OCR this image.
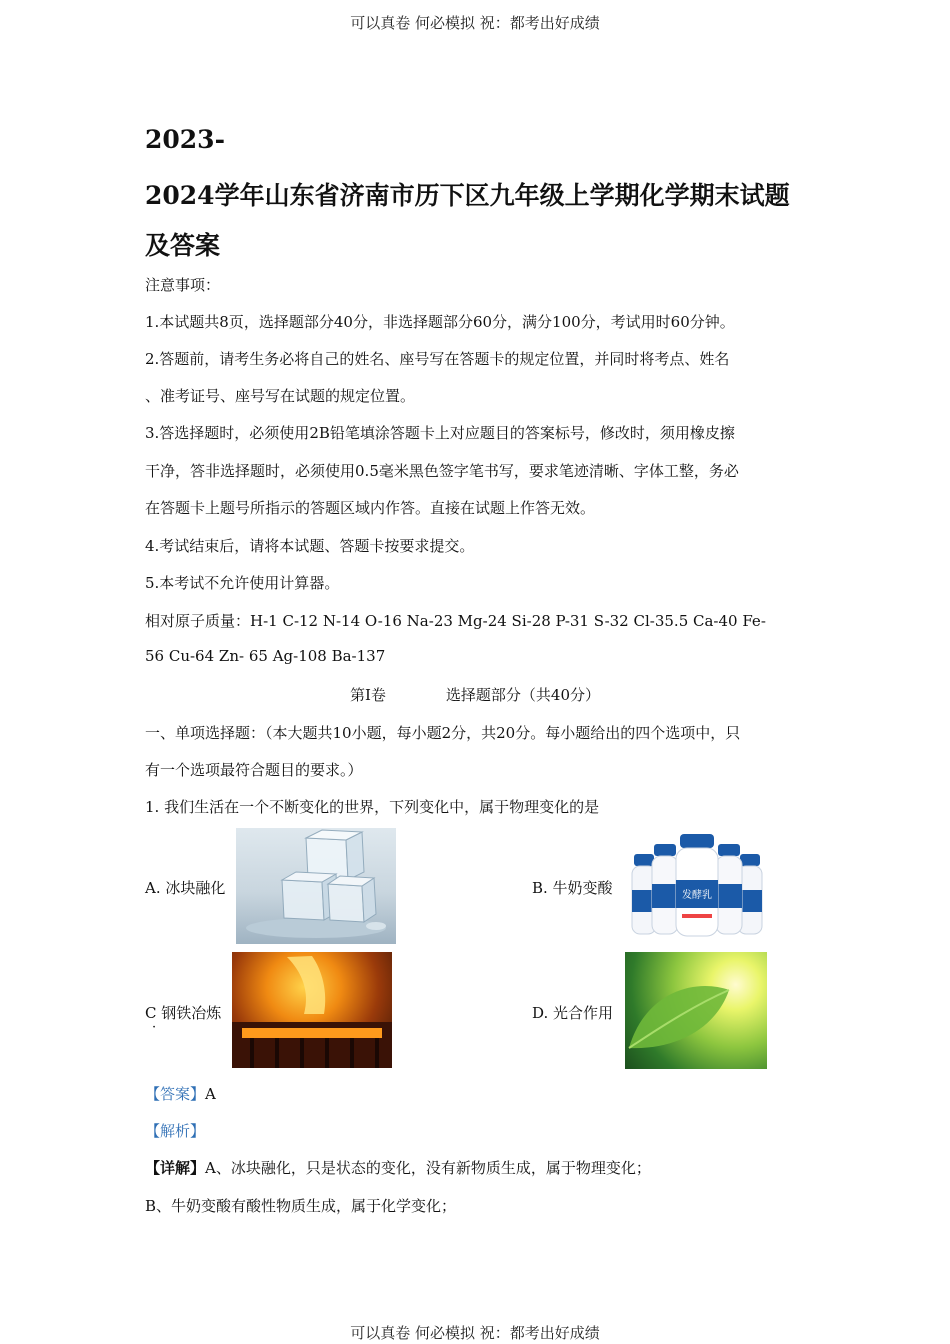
可以真卷 何必模拟 祝：都考出好成绩
2023-
2024学年山东省济南市历下区九年级上学期化学期末试题
及答案
注意事项：
1.本试题共8页，选择题部分40分，非选择题部分60分，满分100分，考试用时60分钟。
2.答题前，请考生务必将自己的姓名、座号写在答题卡的规定位置，并同时将考点、姓名
、准考证号、座号写在试题的规定位置。
3.答选择题时，必须使用2B铅笔填涂答题卡上对应题目的答案标号，修改时，须用橡皮擦
干净，答非选择题时，必须使用0.5毫米黑色签字笔书写，要求笔迹清晰、字体工整，务必
在答题卡上题号所指示的答题区域内作答。直接在试题上作答无效。
4.考试结束后，请将本试题、答题卡按要求提交。
5.本考试不允许使用计算器。
相对原子质量：H-1 C-12 N-14 O-16 Na-23 Mg-24 Si-28 P-31 S-32 Cl-35.5 Ca-40 Fe-
56 Cu-64 Zn- 65 Ag-108 Ba-137
第Ⅰ卷　　　　选择题部分（共40分）
一、单项选择题：（本大题共10小题，每小题2分，共20分。每小题给出的四个选项中，只
有一个选项最符合题目的要求。）
1. 我们生活在一个不断变化的世界，下列变化中，属于物理变化的是
A. 冰块融化	B. 牛奶变酸	发酵乳
C 钢铁冶炼
·
D. 光合作用
【答案】A
【解析】
【详解】A、冰块融化，只是状态的变化，没有新物质生成，属于物理变化；
B、牛奶变酸有酸性物质生成，属于化学变化；
可以真卷 何必模拟 祝：都考出好成绩
